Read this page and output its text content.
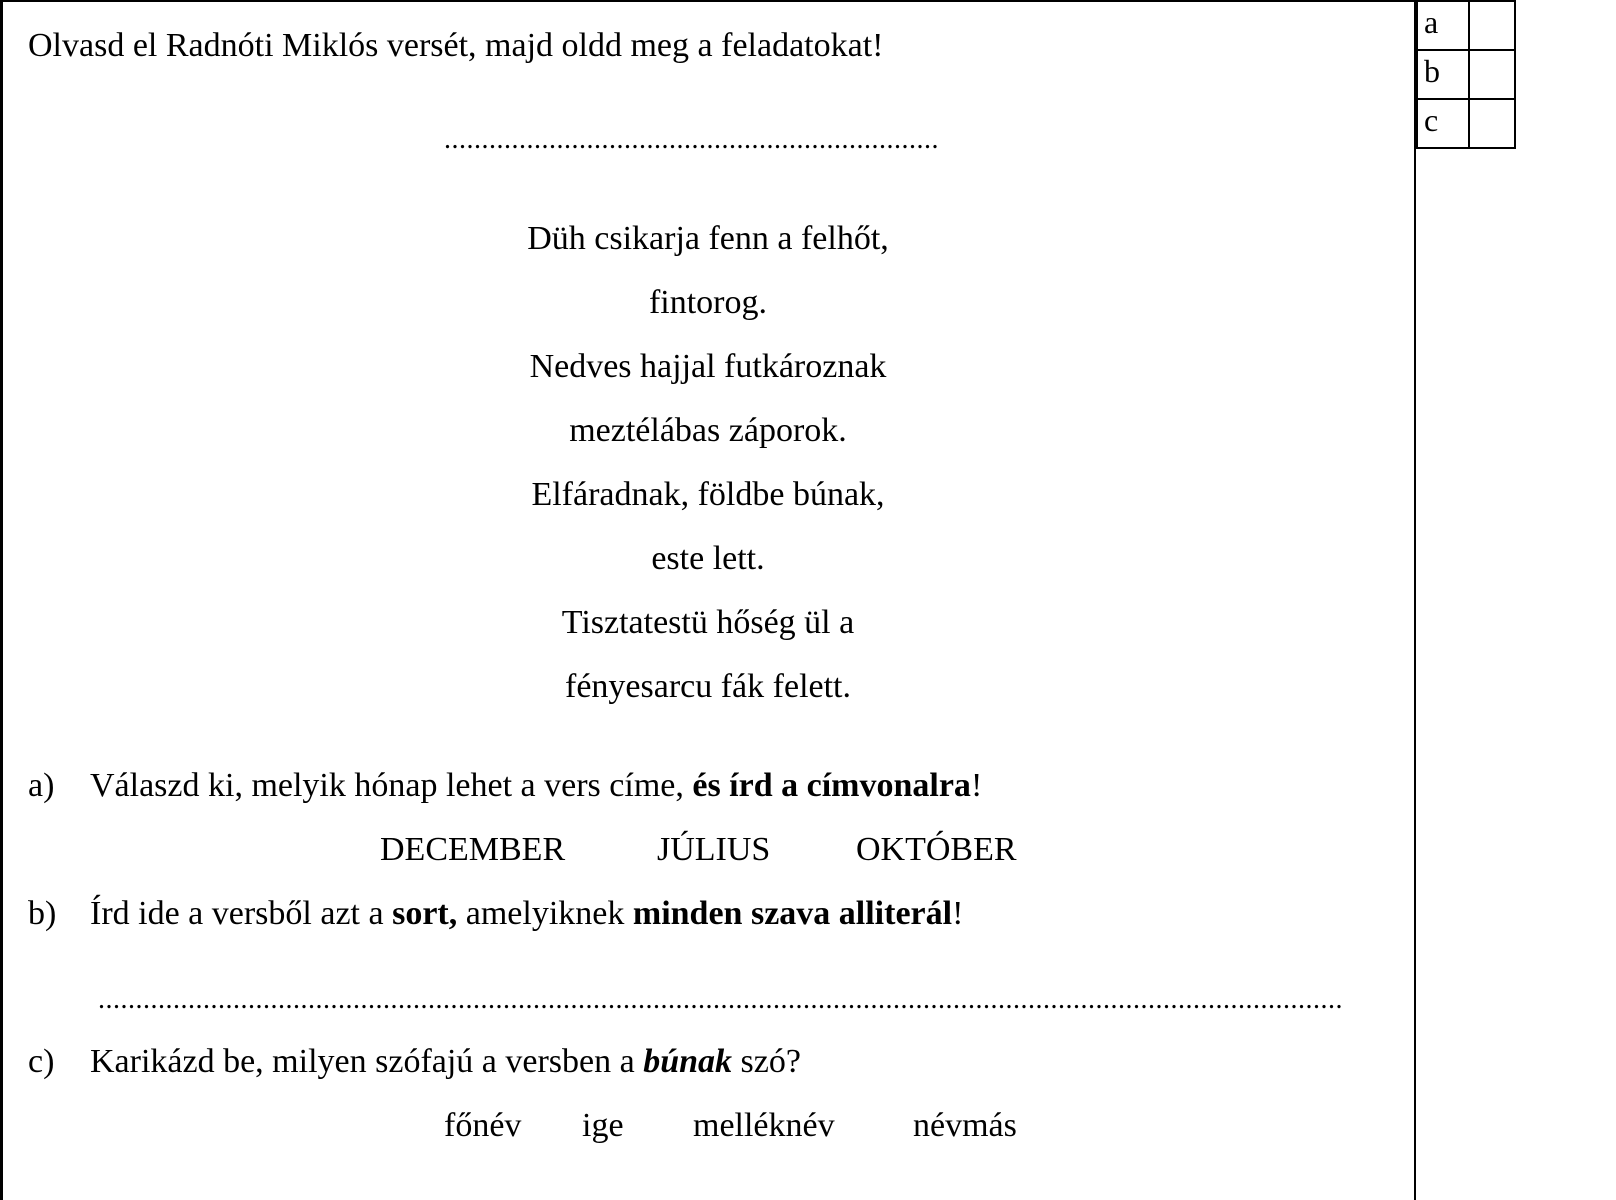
Olvasd el Radnóti Miklós versét, majd oldd meg a feladatokat!
..................................................................
Düh csikarja fenn a felhőt,
fintorog.
Nedves hajjal futkároznak
meztélábas záporok.
Elfáradnak, földbe búnak,
este lett.
Tisztatestü hőség ül a
fényesarcu fák felett.
a) Válaszd ki, melyik hónap lehet a vers címe, és írd a címvonalra!
DECEMBER	JÚLIUS	OKTÓBER
b) Írd ide a versből azt a sort, amelyiknek minden szava alliterál!
......................................................................................................................................................................
c) Karikázd be, milyen szófajú a versben a búnak szó?
főnév ige melléknév névmás
a	
b	
c	
